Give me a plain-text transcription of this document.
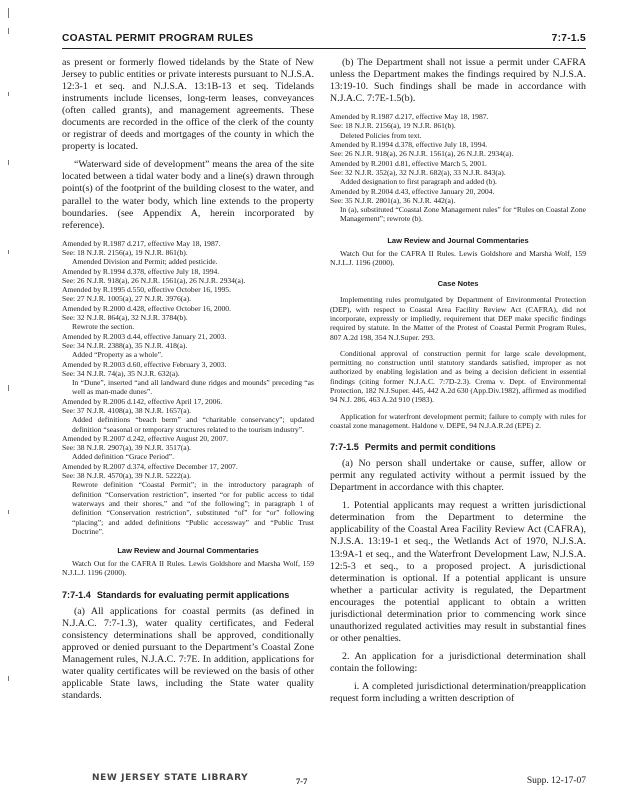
COASTAL PERMIT PROGRAM RULES	7:7-1.5

as present or formerly flowed tidelands by the State of New Jersey to public entities or private interests pursuant to N.J.S.A. 12:3-1 et seq. and N.J.S.A. 13:1B-13 et seq. Tidelands instruments include licenses, long-term leases, conveyances (often called grants), and management agreements. These documents are recorded in the office of the clerk of the county or registrar of deeds and mortgages of the county in which the property is located.

“Waterward side of development” means the area of the site located between a tidal water body and a line(s) drawn through point(s) of the footprint of the building closest to the water, and parallel to the water body, which line extends to the property boundaries. (see Appendix A, herein incorporated by reference).

Amended by R.1987 d.217, effective May 18, 1987.
See: 18 N.J.R. 2156(a), 19 N.J.R. 861(b).
Amended Division and Permit; added pesticide.
Amended by R.1994 d.378, effective July 18, 1994.
See: 26 N.J.R. 918(a), 26 N.J.R. 1561(a), 26 N.J.R. 2934(a).
Amended by R.1995 d.550, effective October 16, 1995.
See: 27 N.J.R. 1005(a), 27 N.J.R. 3976(a).
Amended by R.2000 d.428, effective October 16, 2000.
See: 32 N.J.R. 864(a), 32 N.J.R. 3784(b).
Rewrote the section.
Amended by R.2003 d.44, effective January 21, 2003.
See: 34 N.J.R. 2388(a), 35 N.J.R. 418(a).
Added “Property as a whole”.
Amended by R.2003 d.60, effective February 3, 2003.
See: 34 N.J.R. 74(a), 35 N.J.R. 632(a).
In “Dune”, inserted “and all landward dune ridges and mounds” preceding “as well as man-made dunes”.
Amended by R.2006 d.142, effective April 17, 2006.
See: 37 N.J.R. 4108(a), 38 N.J.R. 1657(a).
Added definitions “beach berm” and “charitable conservancy”; updated definition “seasonal or temporary structures related to the tourism industry”.
Amended by R.2007 d.242, effective August 20, 2007.
See: 38 N.J.R. 2907(a), 39 N.J.R. 3517(a).
Added definition “Grace Period”.
Amended by R.2007 d.374, effective December 17, 2007.
See: 38 N.J.R. 4570(a), 39 N.J.R. 5222(a).
Rewrote definition “Coastal Permit”; in the introductory paragraph of definition “Conservation restriction”, inserted “or for public access to tidal waterways and their shores,” and “of the following”; in paragraph 1 of definition “Conservation restriction”, substituted “of” for “or” following “placing”; and added definitions “Public accessway” and “Public Trust Doctrine”.
Law Review and Journal Commentaries

Watch Out for the CAFRA II Rules. Lewis Goldshore and Marsha Wolf, 159 N.J.L.J. 1196 (2000).

7:7-1.4 Standards for evaluating permit applications

(a) All applications for coastal permits (as defined in N.J.A.C. 7:7-1.3), water quality certificates, and Federal consistency determinations shall be approved, conditionally approved or denied pursuant to the Department’s Coastal Zone Management rules, N.J.A.C. 7:7E. In addition, applications for water quality certificates will be reviewed on the basis of other applicable State laws, including the State water quality standards.

(b) The Department shall not issue a permit under CAFRA unless the Department makes the findings required by N.J.S.A. 13:19-10. Such findings shall be made in accordance with N.J.A.C. 7:7E-1.5(b).

Amended by R.1987 d.217, effective May 18, 1987.
See: 18 N.J.R. 2156(a), 19 N.J.R. 861(b).
Deleted Policies from text.
Amended by R.1994 d.378, effective July 18, 1994.
See: 26 N.J.R. 918(a), 26 N.J.R. 1561(a), 26 N.J.R. 2934(a).
Amended by R.2001 d.81, effective March 5, 2001.
See: 32 N.J.R. 352(a), 32 N.J.R. 682(a), 33 N.J.R. 843(a).
Added designation to first paragraph and added (b).
Amended by R.2004 d.43, effective January 20, 2004.
See: 35 N.J.R. 2801(a), 36 N.J.R. 442(a).
In (a), substituted “Coastal Zone Management rules” for “Rules on Coastal Zone Management”; rewrote (b).
Law Review and Journal Commentaries

Watch Out for the CAFRA II Rules. Lewis Goldshore and Marsha Wolf, 159 N.J.L.J. 1196 (2000).

Case Notes

Implementing rules promulgated by Department of Environmental Protection (DEP), with respect to Coastal Area Facility Review Act (CAFRA), did not incorporate, expressly or impliedly, requirement that DEP make specific findings required by statute. In the Matter of the Protest of Coastal Permit Program Rules, 807 A.2d 198, 354 N.J.Super. 293.

Conditional approval of construction permit for large scale development, permitting no construction until statutory standards satisfied, improper as not authorized by enabling legislation and as being a decision deficient in essential findings (citing former N.J.A.C. 7:7D-2.3). Crema v. Dept. of Environmental Protection, 182 N.J.Super. 445, 442 A.2d 630 (App.Div.1982), affirmed as modified 94 N.J. 286, 463 A.2d 910 (1983).

Application for waterfront development permit; failure to comply with rules for coastal zone management. Haldone v. DEPE, 94 N.J.A.R.2d (EPE) 2.

7:7-1.5 Permits and permit conditions

(a) No person shall undertake or cause, suffer, allow or permit any regulated activity without a permit issued by the Department in accordance with this chapter.

1. Potential applicants may request a written jurisdictional determination from the Department to determine the applicability of the Coastal Area Facility Review Act (CAFRA), N.J.S.A. 13:19-1 et seq., the Wetlands Act of 1970, N.J.S.A. 13:9A-1 et seq., and the Waterfront Development Law, N.J.S.A. 12:5-3 et seq., to a proposed project. A jurisdictional determination is optional. If a potential applicant is unsure whether a particular activity is regulated, the Department encourages the potential applicant to obtain a written jurisdictional determination prior to commencing work since unauthorized regulated activities may result in substantial fines or other penalties.

2. An application for a jurisdictional determination shall contain the following:

i. A completed jurisdictional determination/preapplication request form including a written description of

NEW JERSEY STATE LIBRARY	7-7	Supp. 12-17-07
